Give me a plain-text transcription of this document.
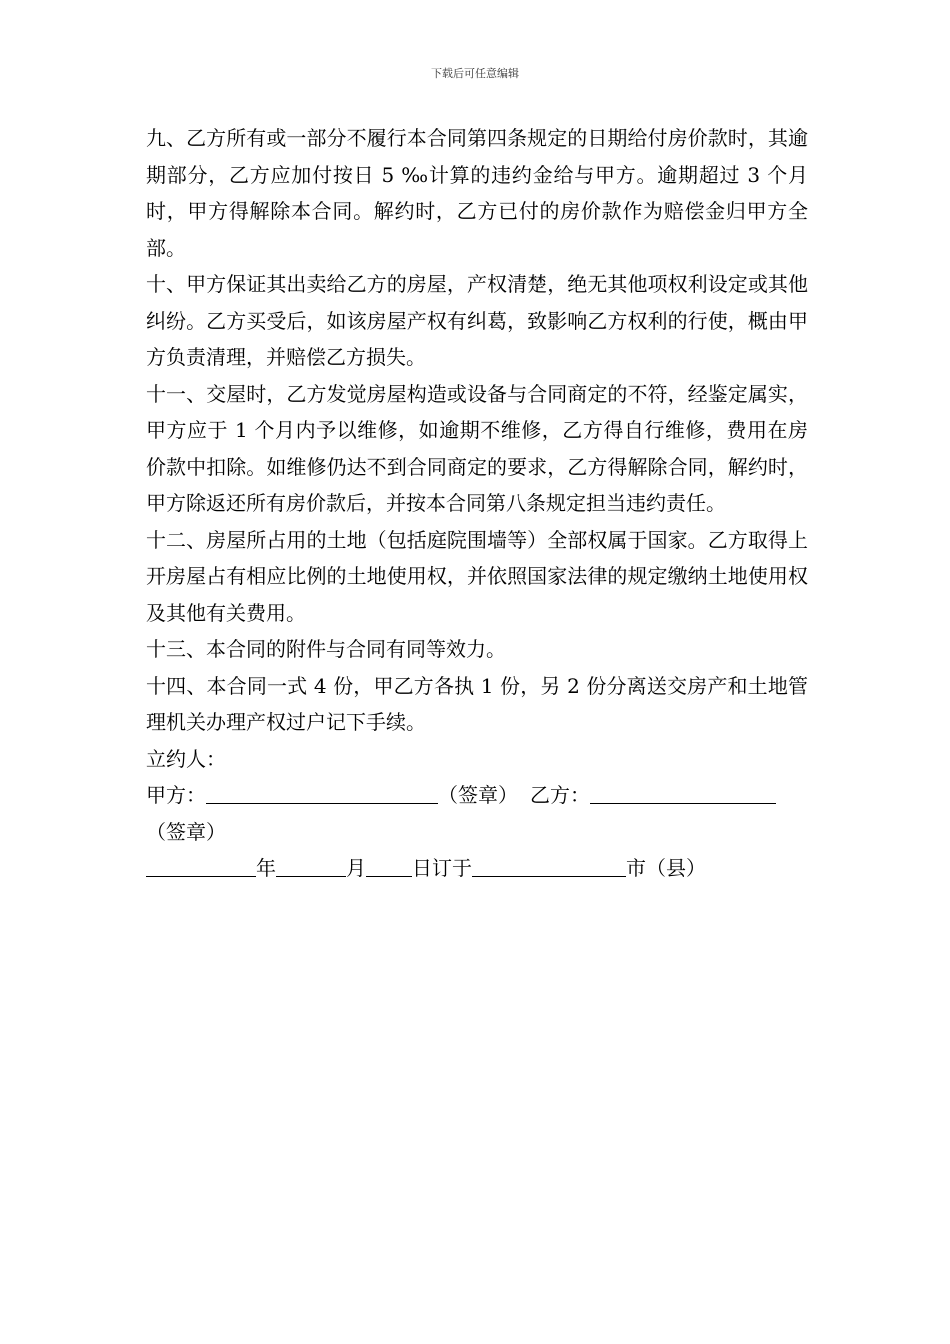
下载后可任意编辑

九、乙方所有或一部分不履行本合同第四条规定的日期给付房价款时，其逾期部分，乙方应加付按日 5 ‰计算的违约金给与甲方。逾期超过 3 个月时，甲方得解除本合同。解约时，乙方已付的房价款作为赔偿金归甲方全部。

十、甲方保证其出卖给乙方的房屋，产权清楚，绝无其他项权利设定或其他纠纷。乙方买受后，如该房屋产权有纠葛，致影响乙方权利的行使，概由甲方负责清理，并赔偿乙方损失。

十一、交屋时，乙方发觉房屋构造或设备与合同商定的不符，经鉴定属实，甲方应于 1 个月内予以维修，如逾期不维修，乙方得自行维修，费用在房价款中扣除。如维修仍达不到合同商定的要求，乙方得解除合同，解约时，甲方除返还所有房价款后，并按本合同第八条规定担当违约责任。

十二、房屋所占用的土地（包括庭院围墙等）全部权属于国家。乙方取得上开房屋占有相应比例的土地使用权，并依照国家法律的规定缴纳土地使用权及其他有关费用。

十三、本合同的附件与合同有同等效力。

十四、本合同一式 4 份，甲乙方各执 1 份，另 2 份分离送交房产和土地管理机关办理产权过户记下手续。

立约人：

甲方：	（签章） 乙方：

（签章）

年	月 日订于	市（县）
